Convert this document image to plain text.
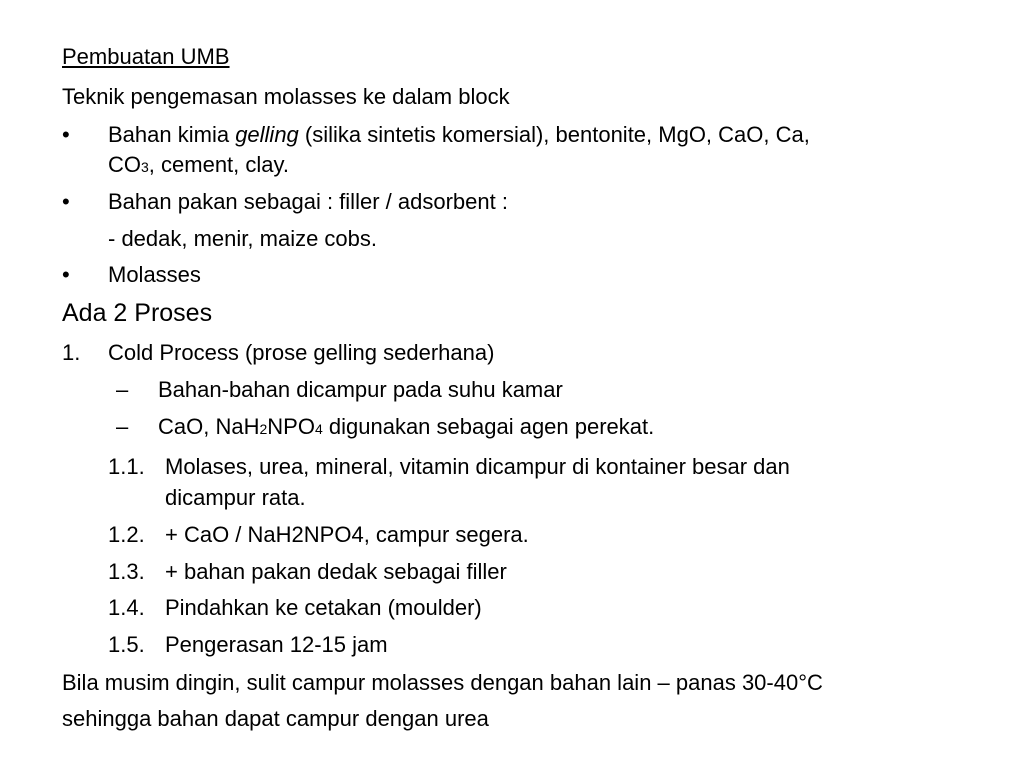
Pembuatan UMB
Teknik pengemasan molasses ke dalam block
• Bahan kimia gelling (silika sintetis komersial), bentonite, MgO, CaO, Ca,
CO3, cement, clay.
• Bahan pakan sebagai : filler / adsorbent :
- dedak, menir, maize cobs.
• Molasses
Ada 2 Proses
1. Cold Process (prose gelling sederhana)
– Bahan-bahan dicampur pada suhu kamar
– CaO, NaH2NPO4 digunakan sebagai agen perekat.
1.1. Molases, urea, mineral, vitamin dicampur di kontainer besar dan
dicampur rata.
1.2. + CaO / NaH2NPO4, campur segera.
1.3. + bahan pakan dedak sebagai filler
1.4. Pindahkan ke cetakan (moulder)
1.5. Pengerasan 12-15 jam
Bila musim dingin, sulit campur molasses dengan bahan lain – panas 30-40°C
sehingga bahan dapat campur dengan urea
